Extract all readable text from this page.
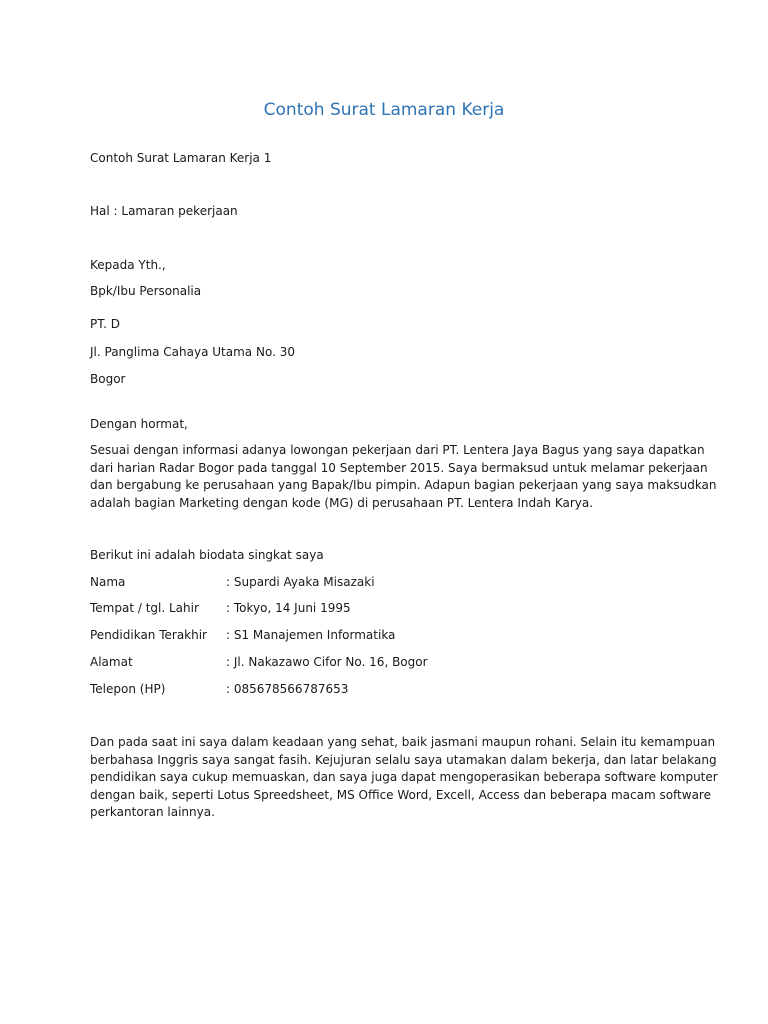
Contoh Surat Lamaran Kerja
Contoh Surat Lamaran Kerja 1
Hal : Lamaran pekerjaan
Kepada Yth.,
Bpk/Ibu Personalia
PT. D
Jl. Panglima Cahaya Utama No. 30
Bogor
Dengan hormat,
Sesuai dengan informasi adanya lowongan pekerjaan dari PT. Lentera Jaya Bagus yang saya dapatkan
dari harian Radar Bogor pada tanggal 10 September 2015. Saya bermaksud untuk melamar pekerjaan
dan bergabung ke perusahaan yang Bapak/Ibu pimpin. Adapun bagian pekerjaan yang saya maksudkan
adalah bagian Marketing dengan kode (MG) di perusahaan PT. Lentera Indah Karya.
Berikut ini adalah biodata singkat saya
Nama	: Supardi Ayaka Misazaki
Tempat / tgl. Lahir : Tokyo, 14 Juni 1995
Pendidikan Terakhir : S1 Manajemen Informatika
Alamat	: Jl. Nakazawo Cifor No. 16, Bogor
Telepon (HP)	: 085678566787653
Dan pada saat ini saya dalam keadaan yang sehat, baik jasmani maupun rohani. Selain itu kemampuan
berbahasa Inggris saya sangat fasih. Kejujuran selalu saya utamakan dalam bekerja, dan latar belakang
pendidikan saya cukup memuaskan, dan saya juga dapat mengoperasikan beberapa software komputer
dengan baik, seperti Lotus Spreedsheet, MS Office Word, Excell, Access dan beberapa macam software
perkantoran lainnya.
